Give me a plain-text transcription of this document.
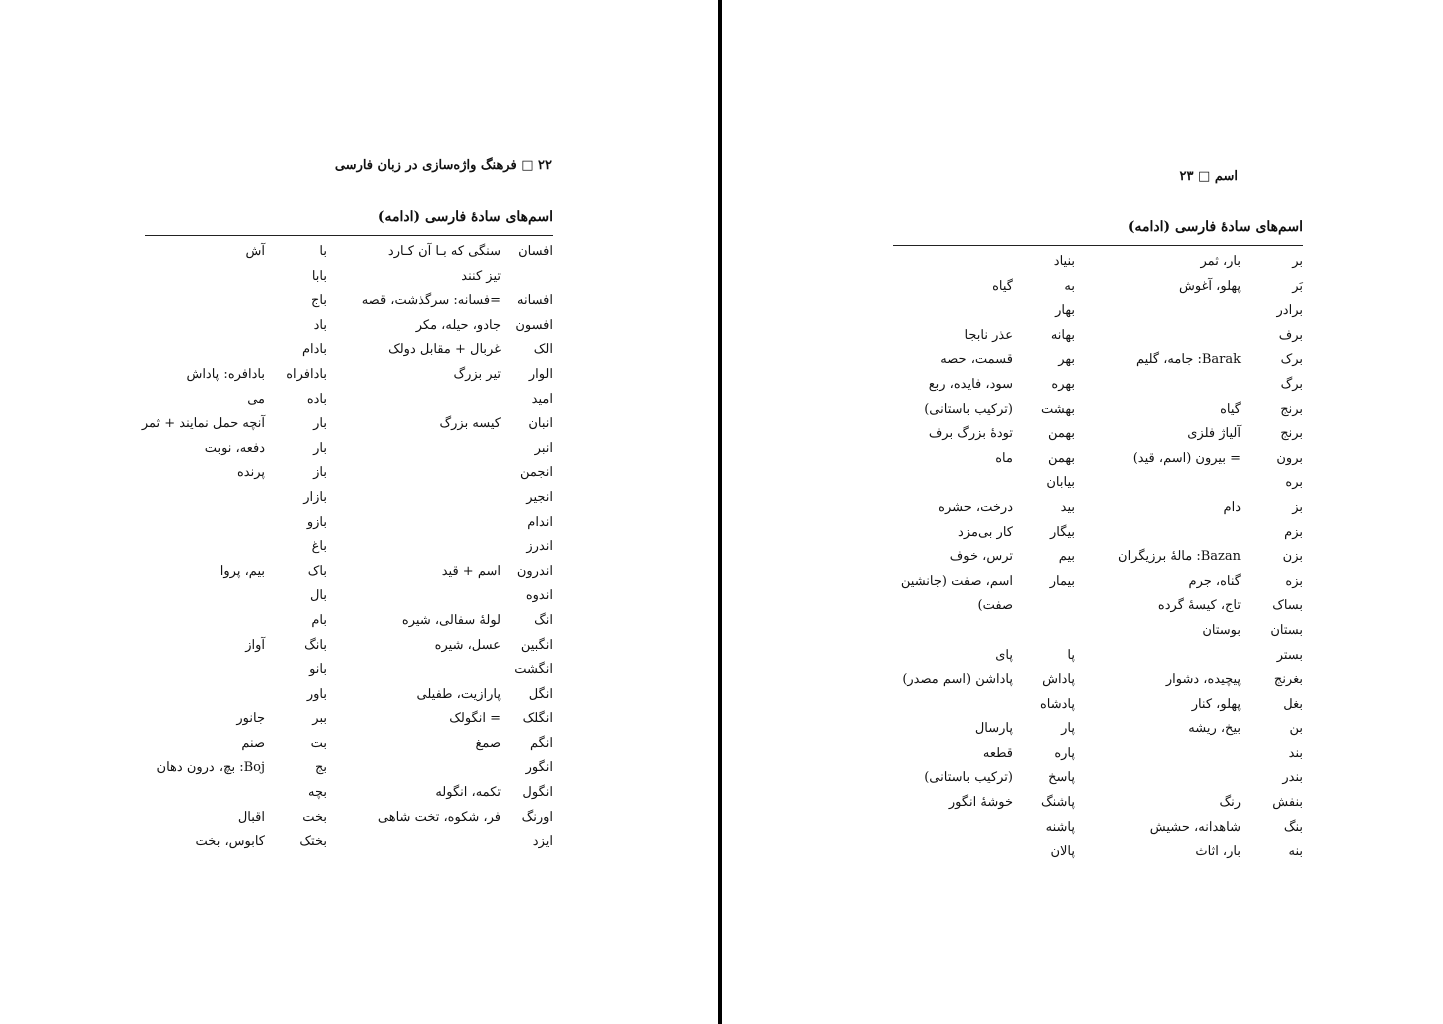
۲۲ □ فرهنگ واژه‌سازی در زبان فارسی
اسم‌های سادۀ فارسی (ادامه)
افسان
سنگی که بـا آن کـارد
با
آش
تیز کنند
بابا
افسانه
=فسانه: سرگذشت، قصه
باج
افسون
جادو، حیله، مکر
باد
الک
غربال + مقابل دولک
بادام
الوار
تیر بزرگ
بادافراه
بادافره: پاداش
امید
باده
می
انبان
کیسه بزرگ
بار
آنچه حمل نمایند + ثمر
انبر
بار
دفعه، نوبت
انجمن
باز
پرنده
انجیر
بازار
اندام
بازو
اندرز
باغ
اندرون
اسم + قید
باک
بیم، پروا
اندوه
بال
انگ
لولۀ سفالی، شیره
بام
انگبین
عسل، شیره
بانگ
آواز
انگشت
بانو
انگل
پارازیت، طفیلی
باور
انگلک
= انگولک
ببر
جانور
انگم
صمغ
بت
صنم
انگور
بج
Boj: بچ، درون دهان
انگول
تکمه، انگوله
بچه
اورنگ
فر، شکوه، تخت شاهی
بخت
اقبال
ایزد
بختک
کابوس، بخت
اسم □ ۲۳
اسم‌های سادۀ فارسی (ادامه)
بر
بار، ثمر
بنیاد
بَر
پهلو، آغوش
به
گیاه
برادر
بهار
برف
بهانه
عذر نابجا
برک
Barak: جامه، گلیم
بهر
قسمت، حصه
برگ
بهره
سود، فایده، ربع
برنج
گیاه
بهشت
(ترکیب باستانی)
برنج
آلیاژ فلزی
بهمن
تودۀ بزرگ برف
برون
= بیرون (اسم، قید)
بهمن
ماه
بره
بیابان
بز
دام
بید
درخت، حشره
بزم
بیگار
کار بی‌مزد
بزن
Bazan: مالۀ برزیگران
بیم
ترس، خوف
بزه
گناه، جرم
بیمار
اسم، صفت (جانشین
بساک
تاج، کیسۀ گرده
صفت)
بستان
بوستان
بستر
پا
پای
بغرنج
پیچیده، دشوار
پاداش
پاداشن (اسم مصدر)
بغل
پهلو، کنار
پادشاه
بن
بیخ، ریشه
پار
پارسال
بند
پاره
قطعه
بندر
پاسخ
(ترکیب باستانی)
بنفش
رنگ
پاشنگ
خوشۀ انگور
بنگ
شاهدانه، حشیش
پاشنه
بنه
بار، اثاث
پالان
